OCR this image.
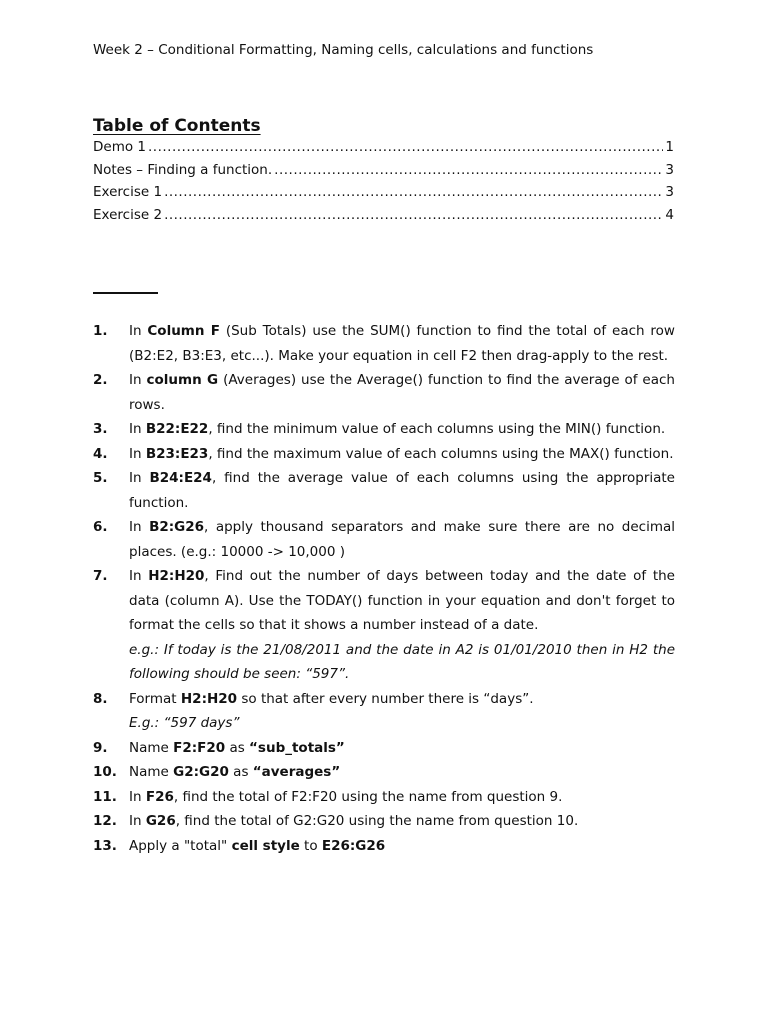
Week 2 – Conditional Formatting, Naming cells, calculations and functions
Table of Contents
Demo 1 .....	1
Notes – Finding a function. .....	3
Exercise 1 .....	3
Exercise 2 .....	4
1.	In Column F (Sub Totals) use the SUM() function to find the total of each row (B2:E2, B3:E3, etc...). Make your equation in cell F2 then drag-apply to the rest.

2.	In column G (Averages) use the Average() function to find the average of each rows.

3.	In B22:E22, find the minimum value of each columns using the MIN() function.

4.	In B23:E23, find the maximum value of each columns using the MAX() function.

5.	In B24:E24, find the average value of each columns using the appropriate function.

6.	In B2:G26, apply thousand separators and make sure there are no decimal places. (e.g.: 10000 -> 10,000 )

7.	In H2:H20, Find out the number of days between today and the date of the data (column A). Use the TODAY() function in your equation and don't forget to format the cells so that it shows a number instead of a date.

e.g.: If today is the 21/08/2011 and the date in A2 is 01/01/2010 then in H2 the following should be seen: “597”.

8.	Format H2:H20 so that after every number there is “days”.

E.g.: “597 days”

9.	Name F2:F20 as “sub_totals”

10. Name G2:G20 as “averages”

11. In F26, find the total of F2:F20 using the name from question 9.

12. In G26, find the total of G2:G20 using the name from question 10.

13. Apply a "total" cell style to E26:G26
